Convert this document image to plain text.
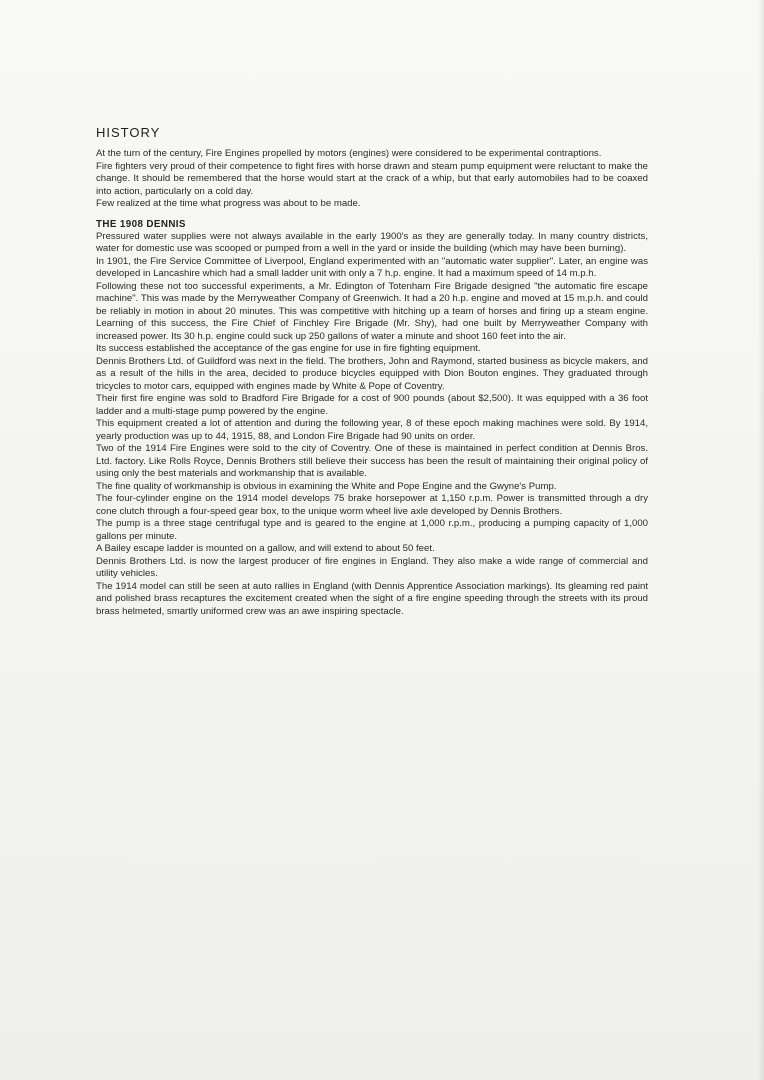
HISTORY

At the turn of the century, Fire Engines propelled by motors (engines) were considered to be experimental contraptions.

Fire fighters very proud of their competence to fight fires with horse drawn and steam pump equipment were reluctant to make the change. It should be remembered that the horse would start at the crack of a whip, but that early automobiles had to be coaxed into action, particularly on a cold day.

Few realized at the time what progress was about to be made.

THE 1908 DENNIS

Pressured water supplies were not always available in the early 1900's as they are generally today. In many country districts, water for domestic use was scooped or pumped from a well in the yard or inside the building (which may have been burning).

In 1901, the Fire Service Committee of Liverpool, England experimented with an "automatic water supplier". Later, an engine was developed in Lancashire which had a small ladder unit with only a 7 h.p. engine. It had a maximum speed of 14 m.p.h.

Following these not too successful experiments, a Mr. Edington of Totenham Fire Brigade designed "the automatic fire escape machine". This was made by the Merryweather Company of Greenwich. It had a 20 h.p. engine and moved at 15 m.p.h. and could be reliably in motion in about 20 minutes. This was competitive with hitching up a team of horses and firing up a steam engine. Learning of this success, the Fire Chief of Finchley Fire Brigade (Mr. Shy), had one built by Merryweather Company with increased power. Its 30 h.p. engine could suck up 250 gallons of water a minute and shoot 160 feet into the air.

Its success established the acceptance of the gas engine for use in fire fighting equipment.

Dennis Brothers Ltd. of Guildford was next in the field. The brothers, John and Raymond, started business as bicycle makers, and as a result of the hills in the area, decided to produce bicycles equipped with Dion Bouton engines. They graduated through tricycles to motor cars, equipped with engines made by White & Pope of Coventry.

Their first fire engine was sold to Bradford Fire Brigade for a cost of 900 pounds (about $2,500). It was equipped with a 36 foot ladder and a multi-stage pump powered by the engine.

This equipment created a lot of attention and during the following year, 8 of these epoch making machines were sold. By 1914, yearly production was up to 44, 1915, 88, and London Fire Brigade had 90 units on order.

Two of the 1914 Fire Engines were sold to the city of Coventry. One of these is maintained in perfect condition at Dennis Bros. Ltd. factory. Like Rolls Royce, Dennis Brothers still believe their success has been the result of maintaining their original policy of using only the best materials and workmanship that is available.

The fine quality of workmanship is obvious in examining the White and Pope Engine and the Gwyne's Pump.

The four-cylinder engine on the 1914 model develops 75 brake horsepower at 1,150 r.p.m. Power is transmitted through a dry cone clutch through a four-speed gear box, to the unique worm wheel live axle developed by Dennis Brothers.

The pump is a three stage centrifugal type and is geared to the engine at 1,000 r.p.m., producing a pumping capacity of 1,000 gallons per minute.

A Bailey escape ladder is mounted on a gallow, and will extend to about 50 feet.

Dennis Brothers Ltd. is now the largest producer of fire engines in England. They also make a wide range of commercial and utility vehicles.

The 1914 model can still be seen at auto rallies in England (with Dennis Apprentice Association markings). Its gleaming red paint and polished brass recaptures the excitement created when the sight of a fire engine speeding through the streets with its proud brass helmeted, smartly uniformed crew was an awe inspiring spectacle.
